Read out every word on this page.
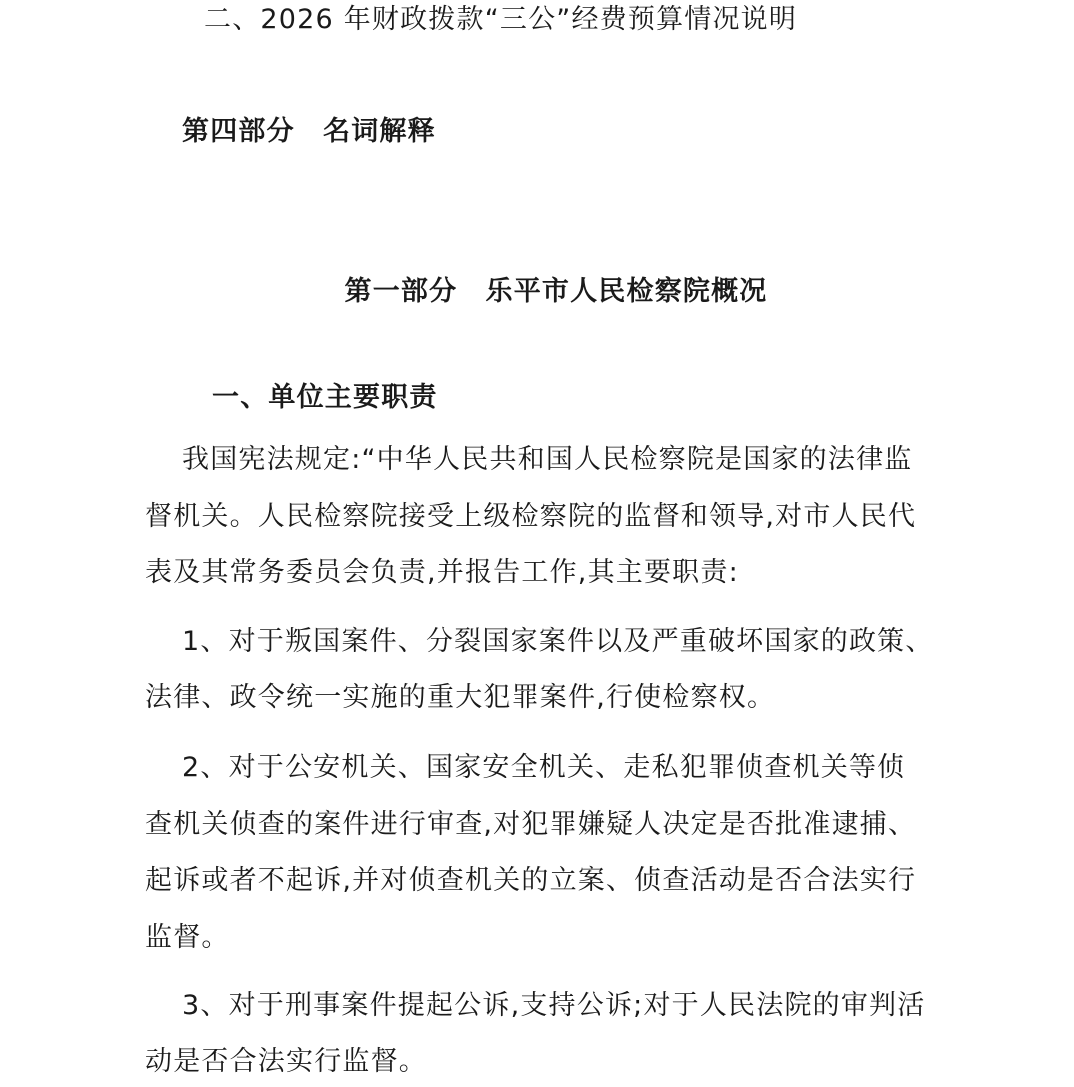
二、2026 年财政拨款“三公”经费预算情况说明
第四部分　名词解释
第一部分　乐平市人民检察院概况
一、单位主要职责
我国宪法规定:“中华人民共和国人民检察院是国家的法律监
督机关。人民检察院接受上级检察院的监督和领导,对市人民代
表及其常务委员会负责,并报告工作,其主要职责:
1、对于叛国案件、分裂国家案件以及严重破坏国家的政策、
法律、政令统一实施的重大犯罪案件,行使检察权。
2、对于公安机关、国家安全机关、走私犯罪侦查机关等侦
查机关侦查的案件进行审查,对犯罪嫌疑人决定是否批准逮捕、
起诉或者不起诉,并对侦查机关的立案、侦查活动是否合法实行
监督。
3、对于刑事案件提起公诉,支持公诉;对于人民法院的审判活
动是否合法实行监督。
